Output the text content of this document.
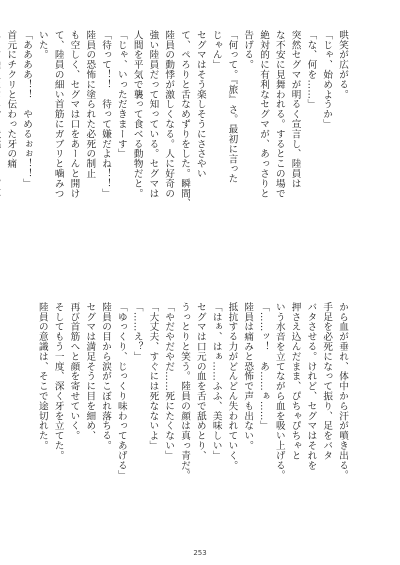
哄笑が広がる。
「じゃ、始めようか」
「な、何を……」
突然セグマが明るく宣言し、陸員は
な不安に見舞われる。するとこの場で
絶対的に有利なセグマが、あっさりと
告げる。
「何って。『旅』さ。最初に言った
じゃん」
セグマはそう楽しそうにささやい
て、ペろりと舌なめずりをした。瞬間、
陸員の動悸が激しくなる。人に好奇の
強い陸員だって知っている。セグマは
人間を平気で襲って食べる動物だと。
「じゃ、いっただきまーす」
「待って！！　待って嫌だよね！！」
陸員の恐怖に塗られた必死の制止
も空しく、セグマは口をあーんと開け
て、陸員の細い首筋にガブリと噛みつ
いた。
「ああああ！！　やめるぉぉ！！」
首元にチクリと伝わった牙の痛
から血が垂れ、体中から汗が噴き出る。
手足を必死になって振り、足をバタ
バタさせる。けれど、セグマはそれを
押さえ込んだまま、ぴちゃぴちゃと
いう水音を立てながら血を吸い上げる。
「……ッ！　あ……ぁ……」
陸員は痛みと恐怖で声も出ない。
抵抗する力がどんどん失われていく。
「はぁ、はぁ……ふふ、美味しい」
セグマは口元の血を舌で舐めとり、
うっとりと笑う。陸員の顔は真っ青だ。
「やだやだやだ……死にたくない」
「大丈夫、すぐには死なないよ」
「……え？」
「ゆっくり、じっくり味わってあげる」
陸員の目から涙がこぼれ落ちる。
セグマは満足そうに目を細め、
再び首筋へと顔を寄せていく。
そしてもう一度、深く牙を立てた。
陸員の意識は、そこで途切れた。
253
